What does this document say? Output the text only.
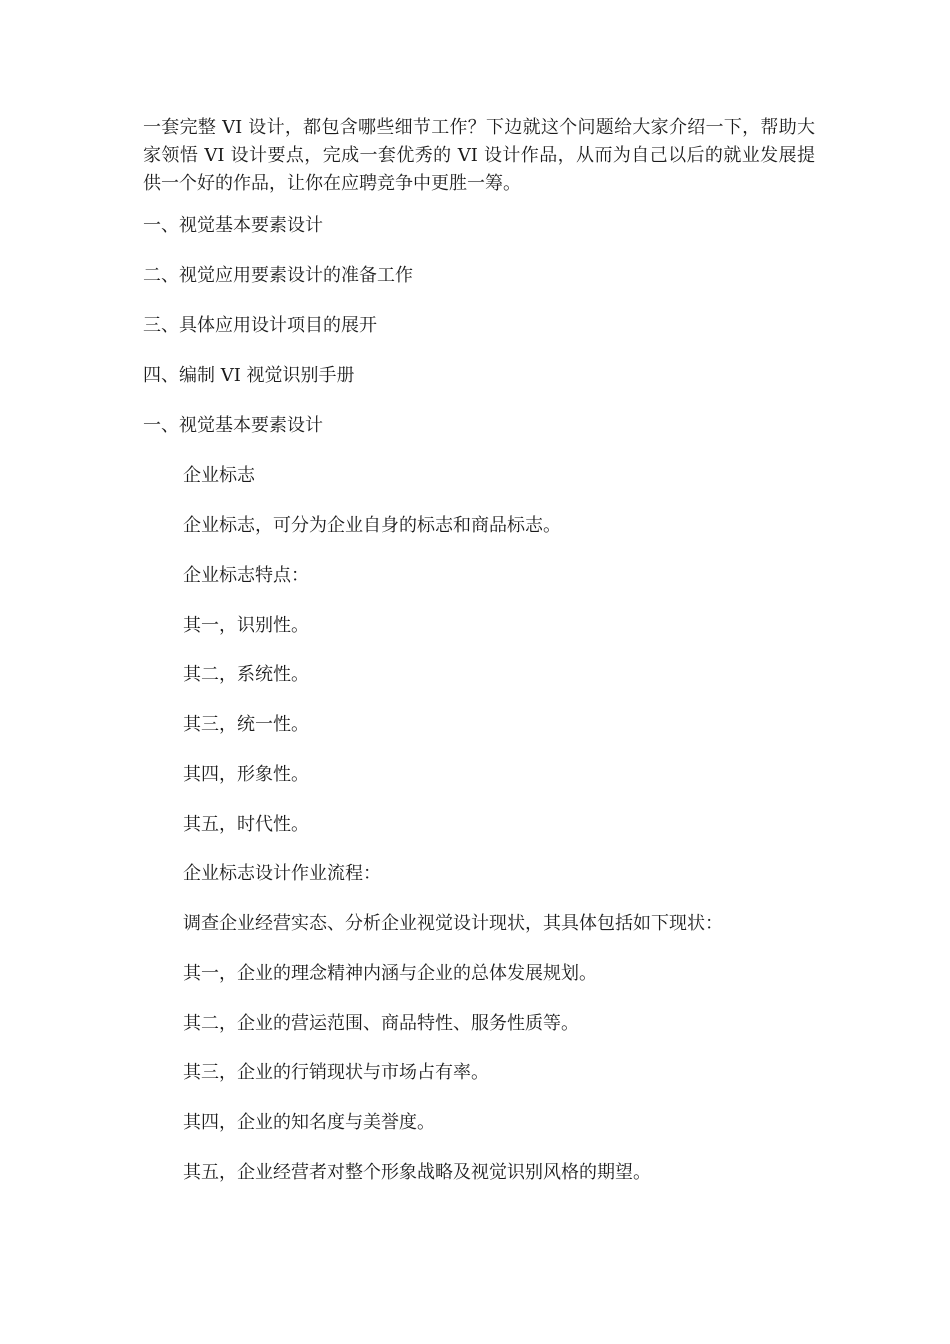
一套完整 VI 设计，都包含哪些细节工作？下边就这个问题给大家介绍一下，帮助大家领悟 VI 设计要点，完成一套优秀的 VI 设计作品，从而为自己以后的就业发展提供一个好的作品，让你在应聘竞争中更胜一筹。

一、视觉基本要素设计

二、视觉应用要素设计的准备工作

三、具体应用设计项目的展开

四、编制 VI 视觉识别手册

一、视觉基本要素设计

企业标志

企业标志，可分为企业自身的标志和商品标志。

企业标志特点：

其一，识别性。

其二，系统性。

其三，统一性。

其四，形象性。

其五，时代性。

企业标志设计作业流程：

调查企业经营实态、分析企业视觉设计现状，其具体包括如下现状：

其一，企业的理念精神内涵与企业的总体发展规划。

其二，企业的营运范围、商品特性、服务性质等。

其三，企业的行销现状与市场占有率。

其四，企业的知名度与美誉度。

其五，企业经营者对整个形象战略及视觉识别风格的期望。
